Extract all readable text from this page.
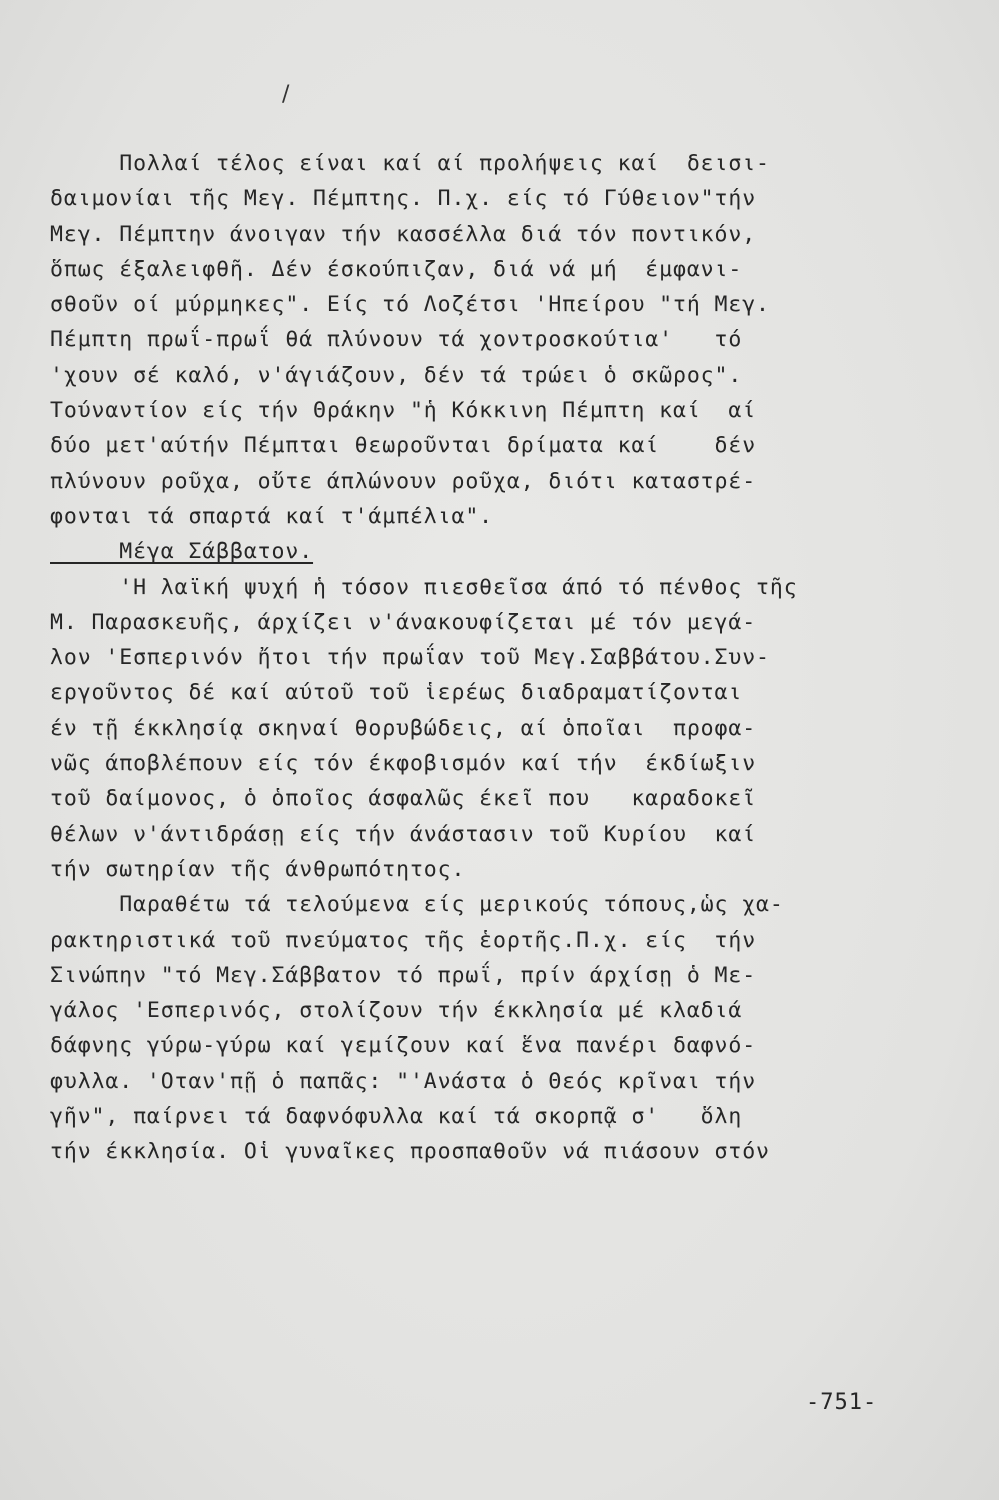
/
Πολλαί τέλος είναι καί αί προλήψεις καί  δεισι-
δαιμονίαι τῆς Μεγ. Πέμπτης. Π.χ. είς τό Γύθειον"τήν
Μεγ. Πέμπτην άνοιγαν τήν κασσέλλα διά τόν ποντικόν,
ὅπως έξαλειφθῆ. Δέν έσκούπιζαν, διά νά μή  έμφανι-
σθοῦν οί μύρμηκες". Είς τό Λοζέτσι 'Ηπείρου "τή Μεγ.
Πέμπτη πρωΐ-πρωΐ θά πλύνουν τά χοντροσκούτια'   τό
'χουν σέ καλό, ν'άγιάζουν, δέν τά τρώει ὁ σκῶρος".
Τούναντίον είς τήν Θράκην "ἡ Κόκκινη Πέμπτη καί  αί
δύο μετ'αύτήν Πέμπται θεωροῦνται δρίματα καί    δέν
πλύνουν ροῦχα, οὔτε άπλώνουν ροῦχα, διότι καταστρέ-
φονται τά σπαρτά καί τ'άμπέλια".
Μέγα Σάββατον.
'Η λαϊκή ψυχή ἡ τόσον πιεσθεῖσα άπό τό πένθος τῆς
Μ. Παρασκευῆς, άρχίζει ν'άνακουφίζεται μέ τόν μεγά-
λον 'Εσπερινόν ἤτοι τήν πρωΐαν τοῦ Μεγ.Σαββάτου.Συν-
εργοῦντος δέ καί αύτοῦ τοῦ ἱερέως διαδραματίζονται
έν τῇ έκκλησίᾳ σκηναί θορυβώδεις, αί ὁποῖαι  προφα-
νῶς άποβλέπουν είς τόν έκφοβισμόν καί τήν  έκδίωξιν
τοῦ δαίμονος, ὁ ὁποῖος άσφαλῶς έκεῖ που   καραδοκεῖ
θέλων ν'άντιδράσῃ είς τήν άνάστασιν τοῦ Κυρίου  καί
τήν σωτηρίαν τῆς άνθρωπότητος.
Παραθέτω τά τελούμενα είς μερικούς τόπους,ὡς χα-
ρακτηριστικά τοῦ πνεύματος τῆς ἑορτῆς.Π.χ. είς  τήν
Σινώπην "τό Μεγ.Σάββατον τό πρωΐ, πρίν άρχίσῃ ὁ Με-
γάλος 'Εσπερινός, στολίζουν τήν έκκλησία μέ κλαδιά
δάφνης γύρω-γύρω καί γεμίζουν καί ἕνα πανέρι δαφνό-
φυλλα. 'Οταν'πῇ ὁ παπᾶς: "'Ανάστα ὁ Θεός κρῖναι τήν
γῆν", παίρνει τά δαφνόφυλλα καί τά σκορπᾷ σ'   ὅλη
τήν έκκλησία. Οἱ γυναῖκες προσπαθοῦν νά πιάσουν στόν
-751-
